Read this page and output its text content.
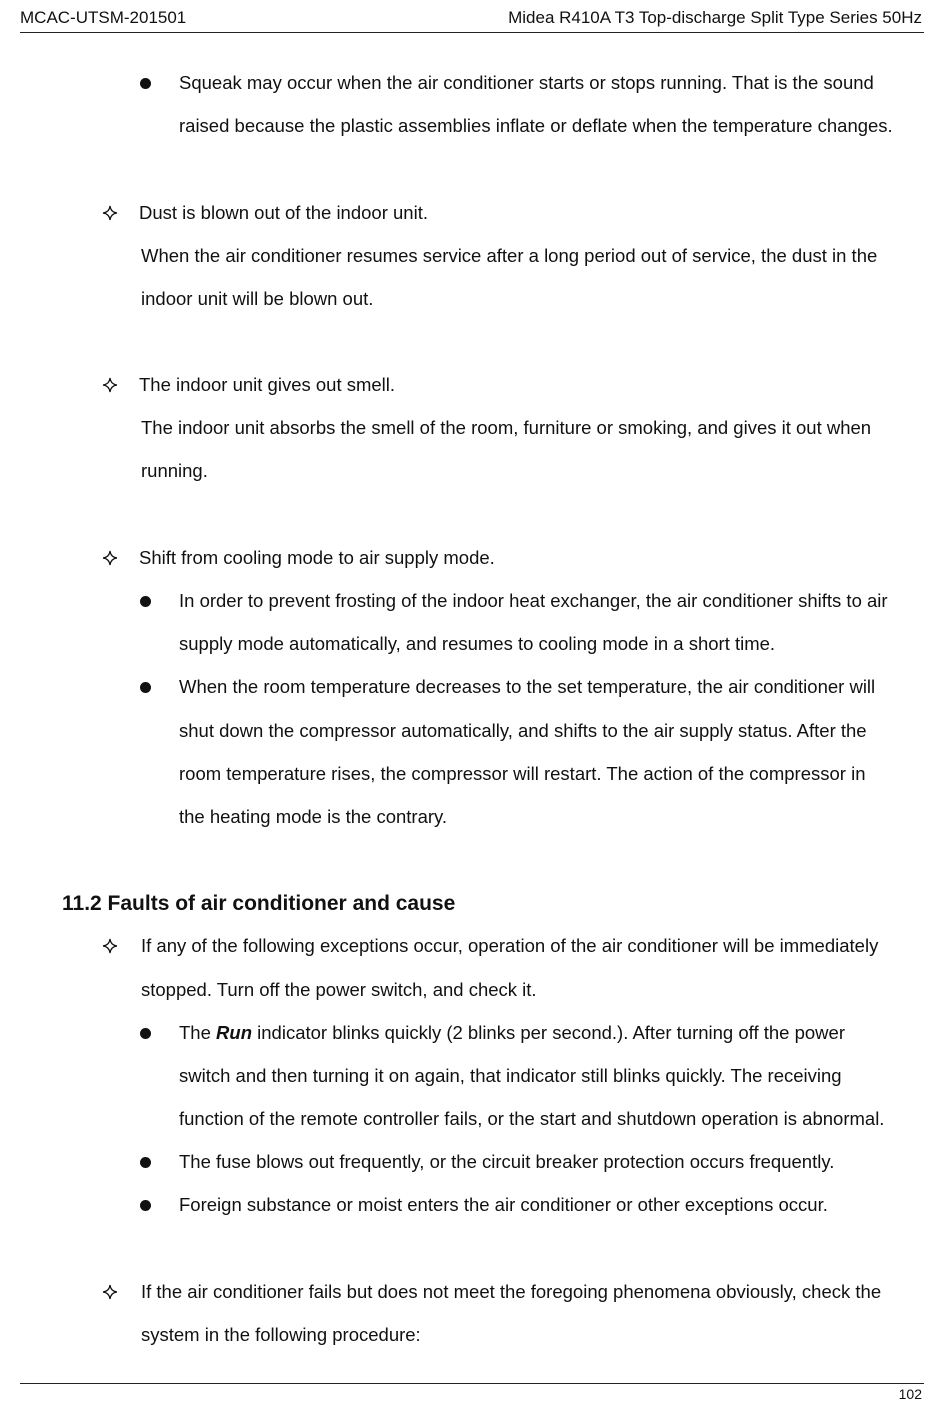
MCAC-UTSM-201501	Midea R410A T3 Top-discharge Split Type Series 50Hz
Squeak may occur when the air conditioner starts or stops running. That is the sound
raised because the plastic assemblies inflate or deflate when the temperature changes.
Dust is blown out of the indoor unit.
When the air conditioner resumes service after a long period out of service, the dust in the
indoor unit will be blown out.
The indoor unit gives out smell.
The indoor unit absorbs the smell of the room, furniture or smoking, and gives it out when
running.
Shift from cooling mode to air supply mode.
In order to prevent frosting of the indoor heat exchanger, the air conditioner shifts to air
supply mode automatically, and resumes to cooling mode in a short time.
When the room temperature decreases to the set temperature, the air conditioner will
shut down the compressor automatically, and shifts to the air supply status. After the
room temperature rises, the compressor will restart. The action of the compressor in
the heating mode is the contrary.
11.2 Faults of air conditioner and cause
If any of the following exceptions occur, operation of the air conditioner will be immediately
stopped. Turn off the power switch, and check it.
The Run indicator blinks quickly (2 blinks per second.). After turning off the power
switch and then turning it on again, that indicator still blinks quickly. The receiving
function of the remote controller fails, or the start and shutdown operation is abnormal.
The fuse blows out frequently, or the circuit breaker protection occurs frequently.
Foreign substance or moist enters the air conditioner or other exceptions occur.
If the air conditioner fails but does not meet the foregoing phenomena obviously, check the
system in the following procedure:
102
